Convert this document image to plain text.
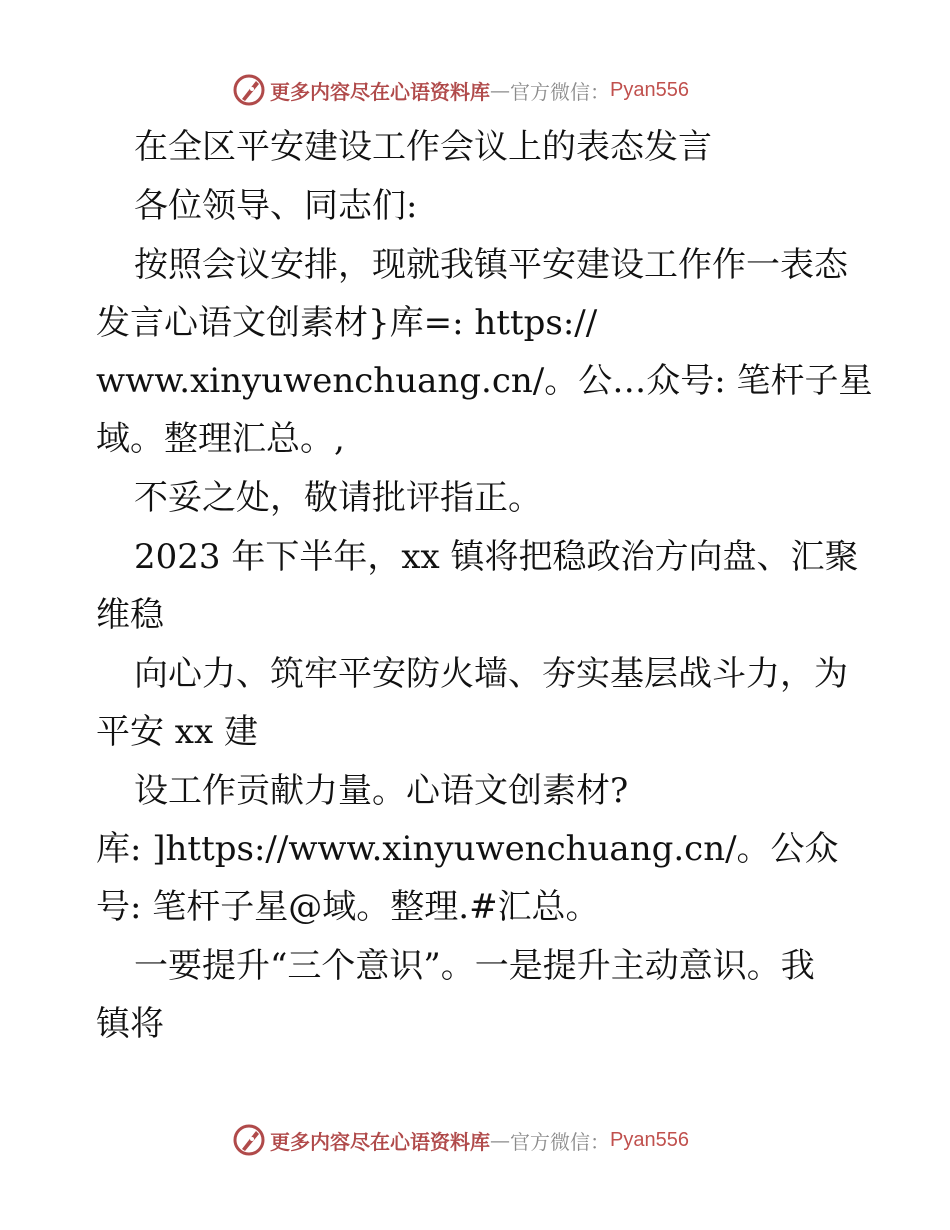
更多内容尽在心语资料库 — 官方微信： Pyan556
在全区平安建设工作会议上的表态发言
各位领导、同志们:
按照会议安排，现就我镇平安建设工作作一表态
发言心语文创素材}库=: https://
www.xinyuwenchuang.cn/。公…众号: 笔杆子星
域。整理汇总。,
不妥之处，敬请批评指正。
2023 年下半年，xx 镇将把稳政治方向盘、汇聚
维稳
向心力、筑牢平安防火墙、夯实基层战斗力，为
平安 xx 建
设工作贡献力量。心语文创素材?
库: ]https://www.xinyuwenchuang.cn/。公众
号: 笔杆子星@域。整理.#汇总。
一要提升“三个意识”。一是提升主动意识。我
镇将
更多内容尽在心语资料库 — 官方微信： Pyan556
